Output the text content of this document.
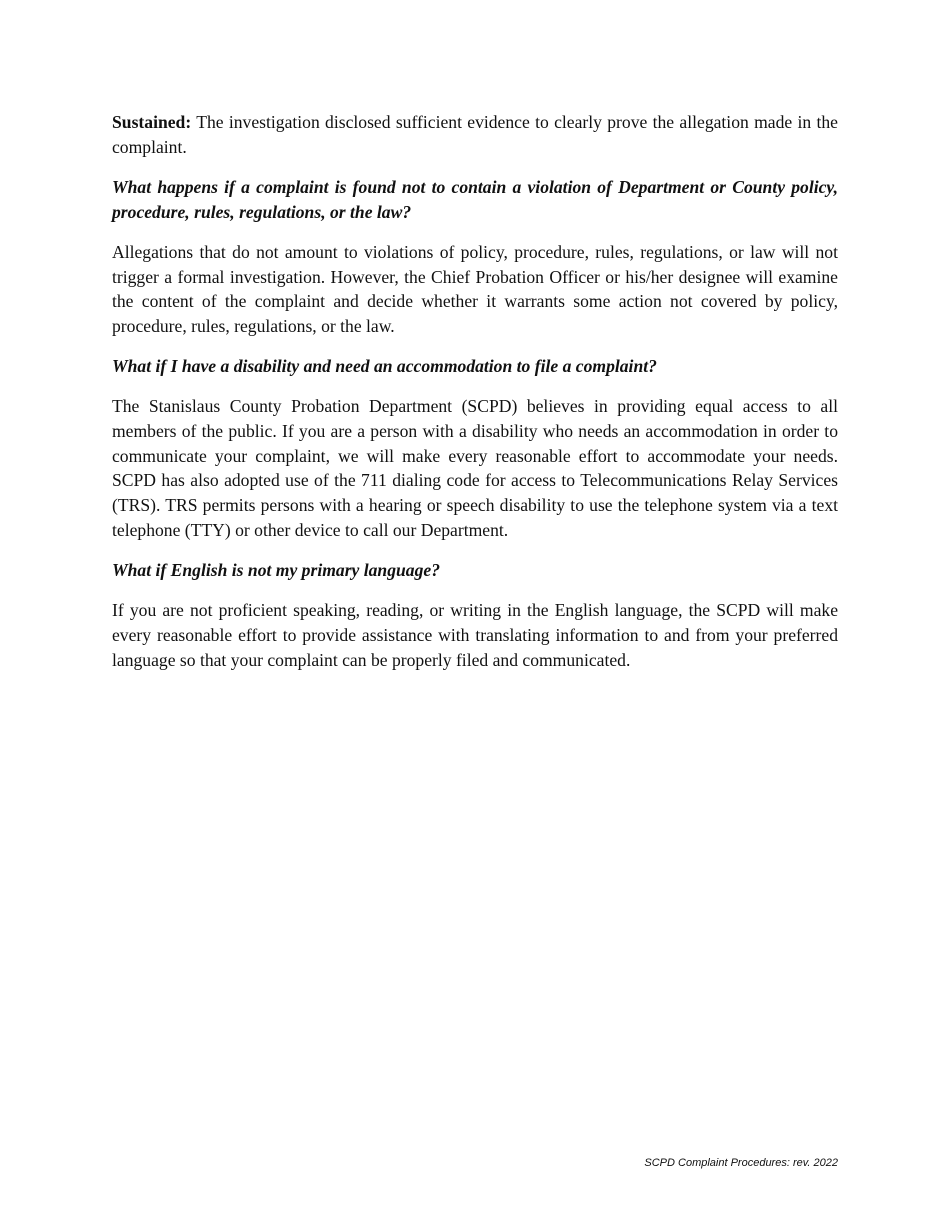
Sustained: The investigation disclosed sufficient evidence to clearly prove the allegation made in the complaint.

What happens if a complaint is found not to contain a violation of Department or County policy, procedure, rules, regulations, or the law?

Allegations that do not amount to violations of policy, procedure, rules, regulations, or law will not trigger a formal investigation. However, the Chief Probation Officer or his/her designee will examine the content of the complaint and decide whether it warrants some action not covered by policy, procedure, rules, regulations, or the law.

What if I have a disability and need an accommodation to file a complaint?

The Stanislaus County Probation Department (SCPD) believes in providing equal access to all members of the public. If you are a person with a disability who needs an accommodation in order to communicate your complaint, we will make every reasonable effort to accommodate your needs. SCPD has also adopted use of the 711 dialing code for access to Telecommunications Relay Services (TRS). TRS permits persons with a hearing or speech disability to use the telephone system via a text telephone (TTY) or other device to call our Department.

What if English is not my primary language?

If you are not proficient speaking, reading, or writing in the English language, the SCPD will make every reasonable effort to provide assistance with translating information to and from your preferred language so that your complaint can be properly filed and communicated.

SCPD Complaint Procedures: rev. 2022
